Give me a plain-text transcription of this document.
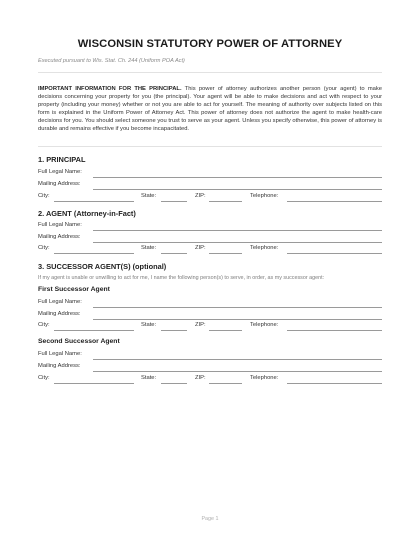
WISCONSIN STATUTORY POWER OF ATTORNEY
Executed pursuant to Wis. Stat. Ch. 244 (Uniform POA Act)
IMPORTANT INFORMATION FOR THE PRINCIPAL. This power of attorney authorizes another person (your agent) to make decisions concerning your property for you (the principal). Your agent will be able to make decisions and act with respect to your property (including your money) whether or not you are able to act for yourself. The meaning of authority over subjects listed on this form is explained in the Uniform Power of Attorney Act. This power of attorney does not authorize the agent to make health-care decisions for you. You should select someone you trust to serve as your agent. Unless you specify otherwise, this power of attorney is durable and remains effective if you become incapacitated.
1. PRINCIPAL
Full Legal Name:
Mailing Address:
City:	State:	ZIP:	Telephone:
2. AGENT (Attorney-in-Fact)
Full Legal Name:
Mailing Address:
City:	State:	ZIP:	Telephone:
3. SUCCESSOR AGENT(S) (optional)
If my agent is unable or unwilling to act for me, I name the following person(s) to serve, in order, as my successor agent:
First Successor Agent
Full Legal Name:
Mailing Address:
City:	State:	ZIP:	Telephone:
Second Successor Agent
Full Legal Name:
Mailing Address:
City:	State:	ZIP:	Telephone:
Page 1
